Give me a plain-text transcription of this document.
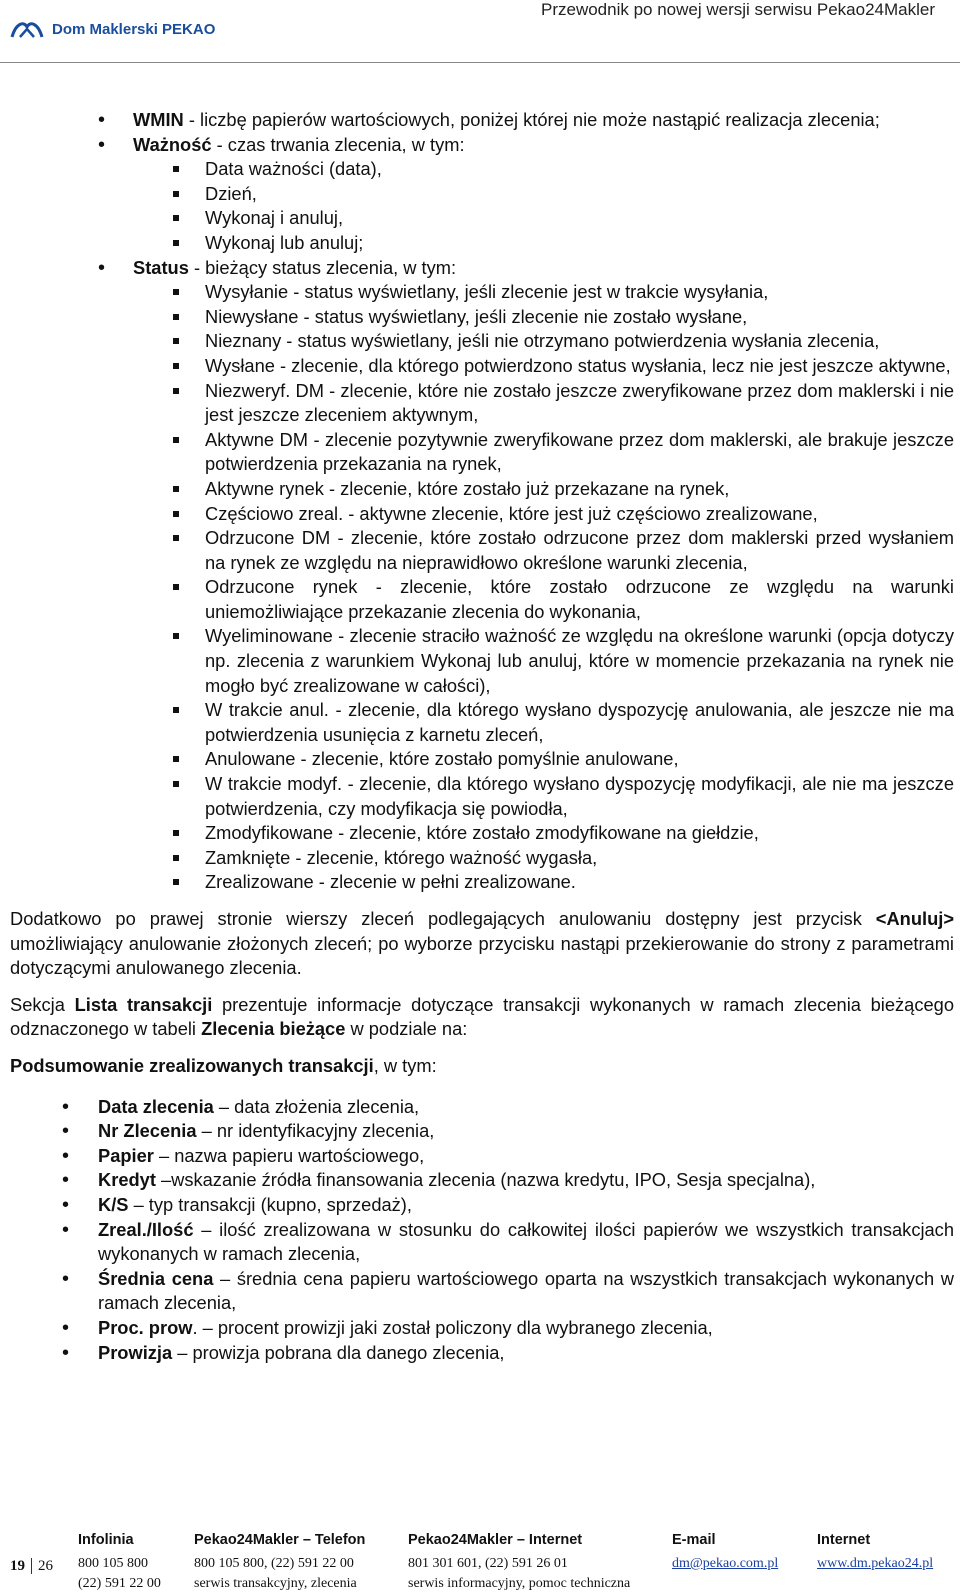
Dom Maklerski PEKAO
Przewodnik po nowej wersji serwisu Pekao24Makler
• WMIN - liczbę papierów wartościowych, poniżej której nie może nastąpić realizacja zlecenia;
• Ważność - czas trwania zlecenia, w tym:
Data ważności (data),
Dzień,
Wykonaj i anuluj,
Wykonaj lub anuluj;
• Status - bieżący status zlecenia, w tym:
Wysyłanie - status wyświetlany, jeśli zlecenie jest w trakcie wysyłania,
Niewysłane - status wyświetlany, jeśli zlecenie nie zostało wysłane,
Nieznany - status wyświetlany, jeśli nie otrzymano potwierdzenia wysłania zlecenia,
Wysłane - zlecenie, dla którego potwierdzono status wysłania, lecz nie jest jeszcze aktywne,
Niezweryf. DM - zlecenie, które nie zostało jeszcze zweryfikowane przez dom maklerski i nie jest jeszcze zleceniem aktywnym,
Aktywne DM - zlecenie pozytywnie zweryfikowane przez dom maklerski, ale brakuje jeszcze potwierdzenia przekazania na rynek,
Aktywne rynek - zlecenie, które zostało już przekazane na rynek,
Częściowo zreal. - aktywne zlecenie, które jest już częściowo zrealizowane,
Odrzucone DM - zlecenie, które zostało odrzucone przez dom maklerski przed wysłaniem na rynek ze względu na nieprawidłowo określone warunki zlecenia,
Odrzucone rynek - zlecenie, które zostało odrzucone ze względu na warunki uniemożliwiające przekazanie zlecenia do wykonania,
Wyeliminowane - zlecenie straciło ważność ze względu na określone warunki (opcja dotyczy np. zlecenia z warunkiem Wykonaj lub anuluj, które w momencie przekazania na rynek nie mogło być zrealizowane w całości),
W trakcie anul. - zlecenie, dla którego wysłano dyspozycję anulowania, ale jeszcze nie ma potwierdzenia usunięcia z karnetu zleceń,
Anulowane - zlecenie, które zostało pomyślnie anulowane,
W trakcie modyf. - zlecenie, dla którego wysłano dyspozycję modyfikacji, ale nie ma jeszcze potwierdzenia, czy modyfikacja się powiodła,
Zmodyfikowane - zlecenie, które zostało zmodyfikowane na giełdzie,
Zamknięte - zlecenie, którego ważność wygasła,
Zrealizowane - zlecenie w pełni zrealizowane.

Dodatkowo po prawej stronie wierszy zleceń podlegających anulowaniu dostępny jest przycisk <Anuluj> umożliwiający anulowanie złożonych zleceń; po wyborze przycisku nastąpi przekierowanie do strony z parametrami dotyczącymi anulowanego zlecenia.

Sekcja Lista transakcji prezentuje informacje dotyczące transakcji wykonanych w ramach zlecenia bieżącego odznaczonego w tabeli Zlecenia bieżące w podziale na:

Podsumowanie zrealizowanych transakcji, w tym:

• Data zlecenia – data złożenia zlecenia,
• Nr Zlecenia – nr identyfikacyjny zlecenia,
• Papier – nazwa papieru wartościowego,
• Kredyt –wskazanie źródła finansowania zlecenia (nazwa kredytu, IPO, Sesja specjalna),
• K/S – typ transakcji (kupno, sprzedaż),
• Zreal./Ilość – ilość zrealizowana w stosunku do całkowitej ilości papierów we wszystkich transakcjach wykonanych w ramach zlecenia,
• Średnia cena – średnia cena papieru wartościowego oparta na wszystkich transakcjach wykonanych w ramach zlecenia,
• Proc. prow. – procent prowizji jaki został policzony dla wybranego zlecenia,
• Prowizja – prowizja pobrana dla danego zlecenia,
19 26
Infolinia
800 105 800
(22) 591 22 00
Pekao24Makler – Telefon
800 105 800, (22) 591 22 00
serwis transakcyjny, zlecenia
Pekao24Makler – Internet
801 301 601, (22) 591 26 01
serwis informacyjny, pomoc techniczna
E-mail
dm@pekao.com.pl
Internet
www.dm.pekao24.pl
